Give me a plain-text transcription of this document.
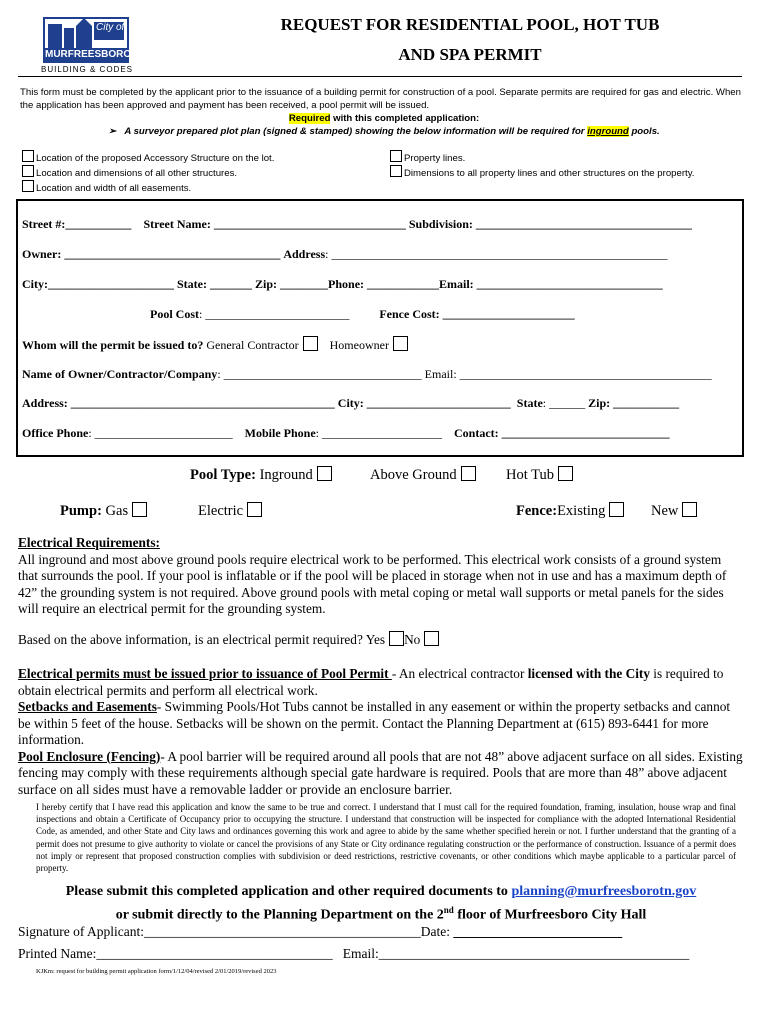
City of
MURFREESBORO
BUILDING & CODES
REQUEST FOR RESIDENTIAL POOL, HOT TUB
AND SPA PERMIT
This form must be completed by the applicant prior to the issuance of a building permit for construction of a pool. Separate permits are required for gas and electric. When the application has been approved and payment has been received, a pool permit will be issued.
Required with this completed application:
➢   A surveyor prepared plot plan (signed & stamped) showing the below information will be required for inground pools.
Location of the proposed Accessory Structure on the lot.
Location and dimensions of all other structures.
Location and width of all easements.
Property lines.
Dimensions to all property lines and other structures on the property.
Street #:___________ Street Name: ________________________________ Subdivision: ____________________________________
Owner: ____________________________________ Address: ________________________________________________________
City:_____________________ State: _______ Zip: ________Phone: ____________Email: _______________________________
Pool Cost: ________________________	Fence Cost: ______________________
Whom will the permit be issued to? General Contractor	Homeowner
Name of Owner/Contractor/Company: _________________________________ Email: __________________________________________
Address: ____________________________________________ City: ________________________ State: ______ Zip: ___________
Office Phone: _______________________ Mobile Phone: ____________________ Contact: ____________________________
Pool Type: Inground	Above Ground	Hot Tub
Pump: Gas	Electric	Fence:Existing	New
Electrical Requirements:
All inground and most above ground pools require electrical work to be performed. This electrical work consists of a ground system that surrounds the pool. If your pool is inflatable or if the pool will be placed in storage when not in use and has a maximum depth of 42” the grounding system is not required. Above ground pools with metal coping or metal wall supports or metal panels for the sides will require an electrical permit for the grounding system.
Based on the above information, is an electrical permit required? Yes No
Electrical permits must be issued prior to issuance of Pool Permit - An electrical contractor licensed with the City is required to obtain electrical permits and perform all electrical work.
Setbacks and Easements- Swimming Pools/Hot Tubs cannot be installed in any easement or within the property setbacks and cannot be within 5 feet of the house. Setbacks will be shown on the permit. Contact the Planning Department at (615) 893-6441 for more information.
Pool Enclosure (Fencing)- A pool barrier will be required around all pools that are not 48” above adjacent surface on all sides. Existing fencing may comply with these requirements although special gate hardware is required. Pools that are more than 48” above adjacent surface on all sides must have a removable ladder or provide an enclosure barrier.
I hereby certify that I have read this application and know the same to be true and correct. I understand that I must call for the required foundation, framing, insulation, house wrap and final inspections and obtain a Certificate of Occupancy prior to occupying the structure. I understand that construction will be inspected for compliance with the adopted International Residential Code, as amended, and other State and City laws and ordinances governing this work and agree to abide by the same whether specified herein or not. I further understand that the granting of a permit does not presume to give authority to violate or cancel the provisions of any State or City ordinance regulating construction or the performance of construction. Issuance of a permit does not imply or represent that proposed construction complies with subdivision or deed restrictions, restrictive covenants, or other conditions which maybe applicable to a particular parcel of property.
Please submit this completed application and other required documents to planning@murfreesborotn.gov
or submit directly to the Planning Department on the 2nd floor of Murfreesboro City Hall
Signature of Applicant:_________________________________________Date: _________________________
Printed Name:___________________________________ Email:______________________________________________
KJKm: request for building permit application form/1/12/04/revised 2/01/2019/revised 2023
